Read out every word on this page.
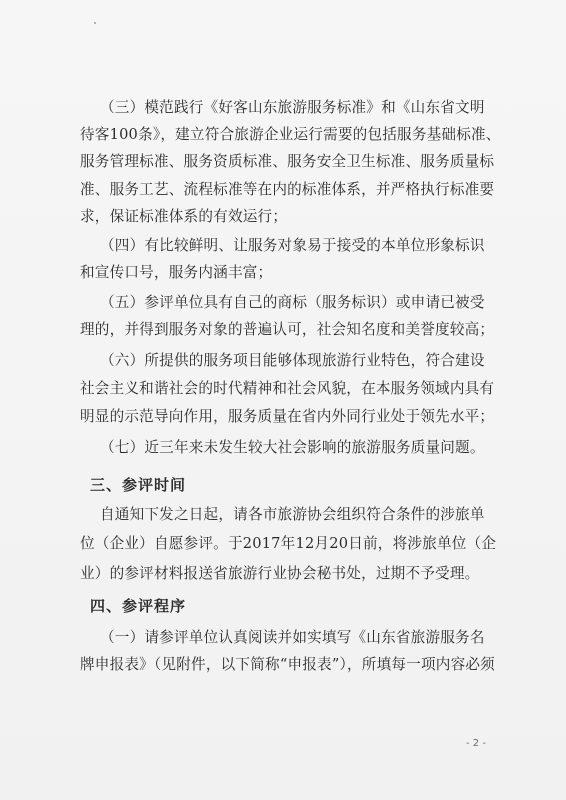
（三）模范践行《好客山东旅游服务标准》和《山东省文明
待客100条》，建立符合旅游企业运行需要的包括服务基础标准、
服务管理标准、服务资质标准、服务安全卫生标准、服务质量标
准、服务工艺、流程标准等在内的标准体系，并严格执行标准要
求，保证标准体系的有效运行；
（四）有比较鲜明、让服务对象易于接受的本单位形象标识
和宣传口号，服务内涵丰富；
（五）参评单位具有自己的商标（服务标识）或申请已被受
理的，并得到服务对象的普遍认可，社会知名度和美誉度较高；
（六）所提供的服务项目能够体现旅游行业特色，符合建设
社会主义和谐社会的时代精神和社会风貌，在本服务领域内具有
明显的示范导向作用，服务质量在省内外同行业处于领先水平；
（七）近三年来未发生较大社会影响的旅游服务质量问题。
三、参评时间
自通知下发之日起，请各市旅游协会组织符合条件的涉旅单
位（企业）自愿参评。于2017年12月20日前，将涉旅单位（企
业）的参评材料报送省旅游行业协会秘书处，过期不予受理。
四、参评程序
（一）请参评单位认真阅读并如实填写《山东省旅游服务名
牌申报表》（见附件，以下简称“申报表”），所填每一项内容必须
- 2 -
